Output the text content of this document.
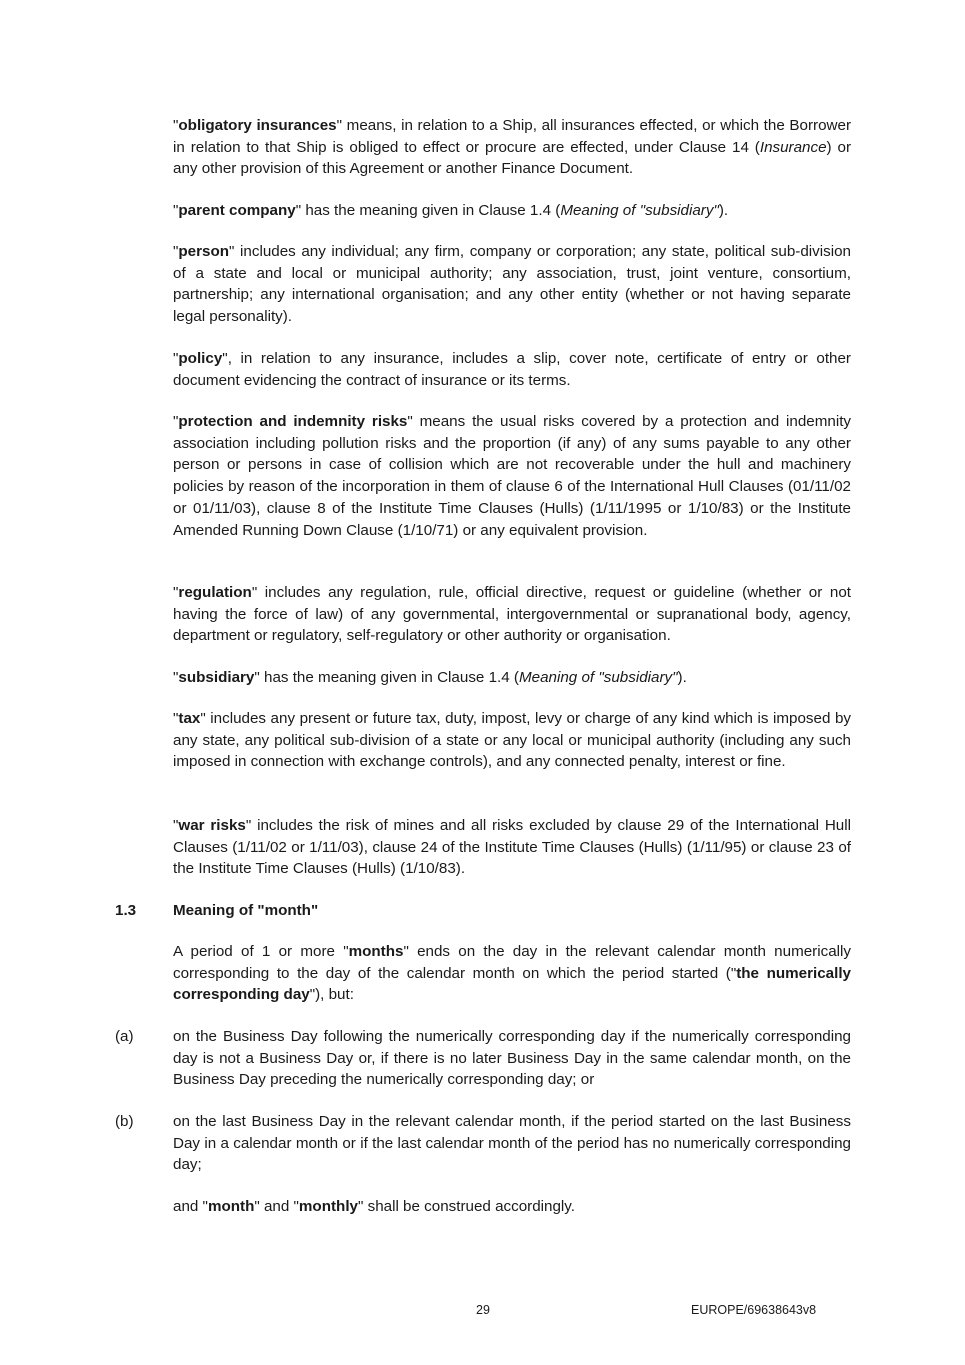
"obligatory insurances" means, in relation to a Ship, all insurances effected, or which the Borrower in relation to that Ship is obliged to effect or procure are effected, under Clause 14 (Insurance) or any other provision of this Agreement or another Finance Document.

"parent company" has the meaning given in Clause 1.4 (Meaning of "subsidiary").

"person" includes any individual; any firm, company or corporation; any state, political sub-division of a state and local or municipal authority; any association, trust, joint venture, consortium, partnership; any international organisation; and any other entity (whether or not having separate legal personality).

"policy", in relation to any insurance, includes a slip, cover note, certificate of entry or other document evidencing the contract of insurance or its terms.

"protection and indemnity risks" means the usual risks covered by a protection and indemnity association including pollution risks and the proportion (if any) of any sums payable to any other person or persons in case of collision which are not recoverable under the hull and machinery policies by reason of the incorporation in them of clause 6 of the International Hull Clauses (01/11/02 or 01/11/03), clause 8 of the Institute Time Clauses (Hulls) (1/11/1995 or 1/10/83) or the Institute Amended Running Down Clause (1/10/71) or any equivalent provision.

"regulation" includes any regulation, rule, official directive, request or guideline (whether or not having the force of law) of any governmental, intergovernmental or supranational body, agency, department or regulatory, self-regulatory or other authority or organisation.

"subsidiary" has the meaning given in Clause 1.4 (Meaning of "subsidiary").

"tax" includes any present or future tax, duty, impost, levy or charge of any kind which is imposed by any state, any political sub-division of a state or any local or municipal authority (including any such imposed in connection with exchange controls), and any connected penalty, interest or fine.

"war risks" includes the risk of mines and all risks excluded by clause 29 of the International Hull Clauses (1/11/02 or 1/11/03), clause 24 of the Institute Time Clauses (Hulls) (1/11/95) or clause 23 of the Institute Time Clauses (Hulls) (1/10/83).

1.3 Meaning of "month"

A period of 1 or more "months" ends on the day in the relevant calendar month numerically corresponding to the day of the calendar month on which the period started ("the numerically corresponding day"), but:

(a)	on the Business Day following the numerically corresponding day if the numerically corresponding day is not a Business Day or, if there is no later Business Day in the same calendar month, on the Business Day preceding the numerically corresponding day; or

(b)	on the last Business Day in the relevant calendar month, if the period started on the last Business Day in a calendar month or if the last calendar month of the period has no numerically corresponding day;

and "month" and "monthly" shall be construed accordingly.

29	EUROPE/69638643v8
